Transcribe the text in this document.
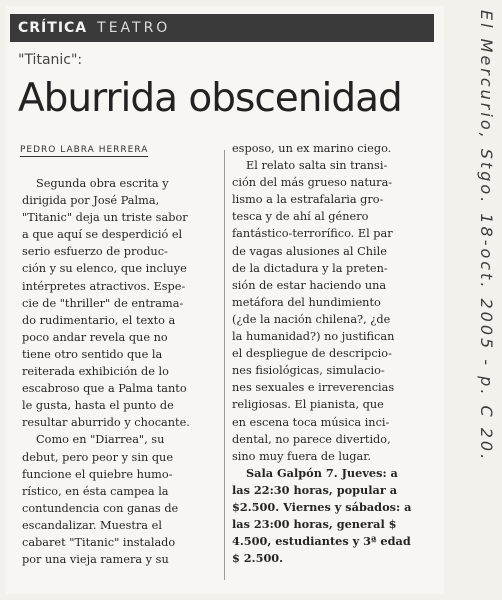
CRÍTICA TEATRO
"Titanic":
Aburrida obscenidad
PEDRO LABRA HERRERA
Segunda obra escrita y
dirigida por José Palma,
"Titanic" deja un triste sabor
a que aquí se desperdició el
serio esfuerzo de produc-
ción y su elenco, que incluye
intérpretes atractivos. Espe-
cie de "thriller" de entrama-
do rudimentario, el texto a
poco andar revela que no
tiene otro sentido que la
reiterada exhibición de lo
escabroso que a Palma tanto
le gusta, hasta el punto de
resultar aburrido y chocante.
Como en "Diarrea", su
debut, pero peor y sin que
funcione el quiebre humo-
rístico, en ésta campea la
contundencia con ganas de
escandalizar. Muestra el
cabaret "Titanic" instalado
por una vieja ramera y su
esposo, un ex marino ciego.
El relato salta sin transi-
ción del más grueso natura-
lismo a la estrafalaria gro-
tesca y de ahí al género
fantástico-terrorífico. El par
de vagas alusiones al Chile
de la dictadura y la preten-
sión de estar haciendo una
metáfora del hundimiento
(¿de la nación chilena?, ¿de
la humanidad?) no justifican
el despliegue de descripcio-
nes fisiológicas, simulacio-
nes sexuales e irreverencias
religiosas. El pianista, que
en escena toca música inci-
dental, no parece divertido,
sino muy fuera de lugar.
Sala Galpón 7. Jueves: a
las 22:30 horas, popular a
$2.500. Viernes y sábados: a
las 23:00 horas, general $
4.500, estudiantes y 3ª edad
$ 2.500.
El Mercurio, Stgo. 18-oct. 2005 - p. C 20.
